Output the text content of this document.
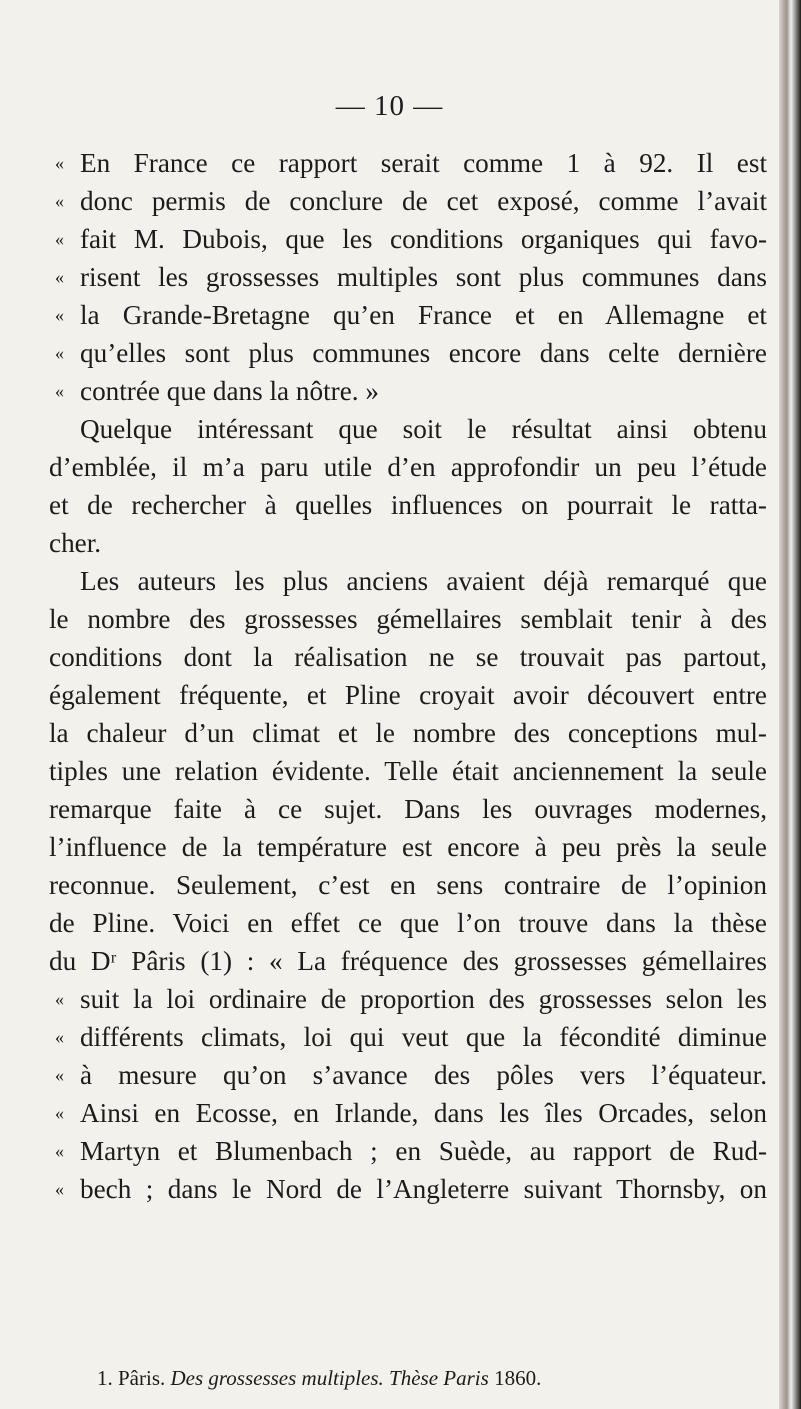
— 10 —
« En France ce rapport serait comme 1 à 92. Il est
« donc permis de conclure de cet exposé, comme l’avait
« fait M. Dubois, que les conditions organiques qui favo-
« risent les grossesses multiples sont plus communes dans
« la Grande-Bretagne qu’en France et en Allemagne et
« qu’elles sont plus communes encore dans celte dernière
« contrée que dans la nôtre. »
Quelque intéressant que soit le résultat ainsi obtenu
d’emblée, il m’a paru utile d’en approfondir un peu l’étude
et de rechercher à quelles influences on pourrait le ratta-
cher.
Les auteurs les plus anciens avaient déjà remarqué que
le nombre des grossesses gémellaires semblait tenir à des
conditions dont la réalisation ne se trouvait pas partout,
également fréquente, et Pline croyait avoir découvert entre
la chaleur d’un climat et le nombre des conceptions mul-
tiples une relation évidente. Telle était anciennement la seule
remarque faite à ce sujet. Dans les ouvrages modernes,
l’influence de la température est encore à peu près la seule
reconnue. Seulement, c’est en sens contraire de l’opinion
de Pline. Voici en effet ce que l’on trouve dans la thèse
du Dʳ Pâris (1) : « La fréquence des grossesses gémellaires
« suit la loi ordinaire de proportion des grossesses selon les
« différents climats, loi qui veut que la fécondité diminue
« à mesure qu’on s’avance des pôles vers l’équateur.
« Ainsi en Ecosse, en Irlande, dans les îles Orcades, selon
« Martyn et Blumenbach ; en Suède, au rapport de Rud-
« bech ; dans le Nord de l’Angleterre suivant Thornsby, on
1. Pâris. Des grossesses multiples. Thèse Paris 1860.
